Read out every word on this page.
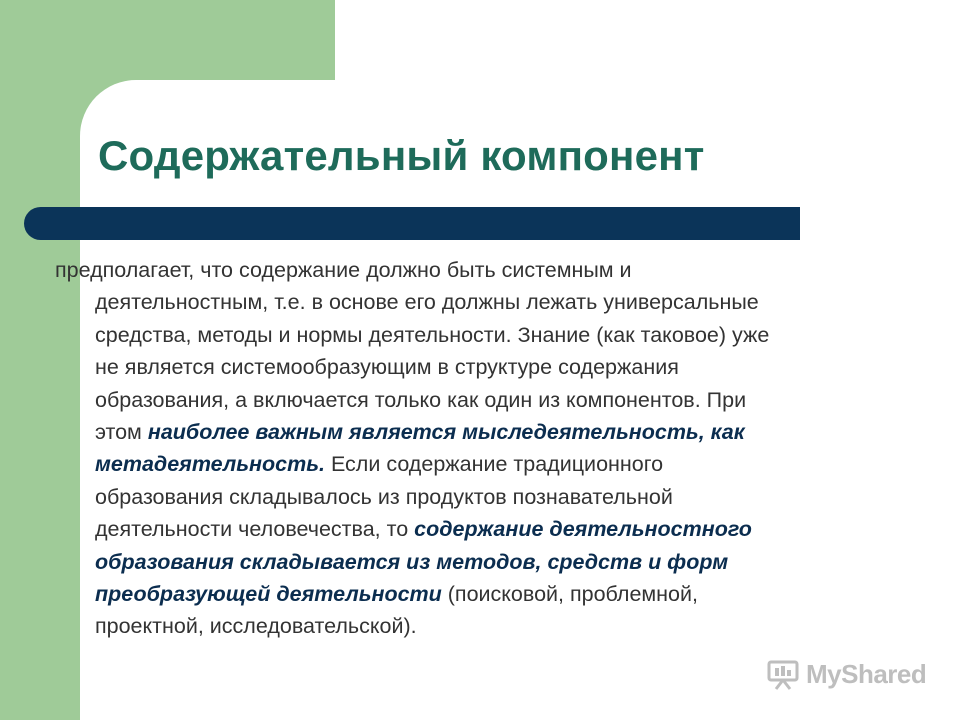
Содержательный компонент
предполагает, что содержание должно быть системным и
деятельностным, т.е. в основе его должны лежать универсальные
средства, методы и нормы деятельности. Знание (как таковое) уже
не является системообразующим в структуре содержания
образования, а включается только как один из компонентов. При
этом наиболее важным является мыследеятельность, как
метадеятельность. Если содержание традиционного
образования складывалось из продуктов познавательной
деятельности человечества, то содержание деятельностного
образования складывается из методов, средств и форм
преобразующей деятельности (поисковой, проблемной,
проектной, исследовательской).
MyShared
